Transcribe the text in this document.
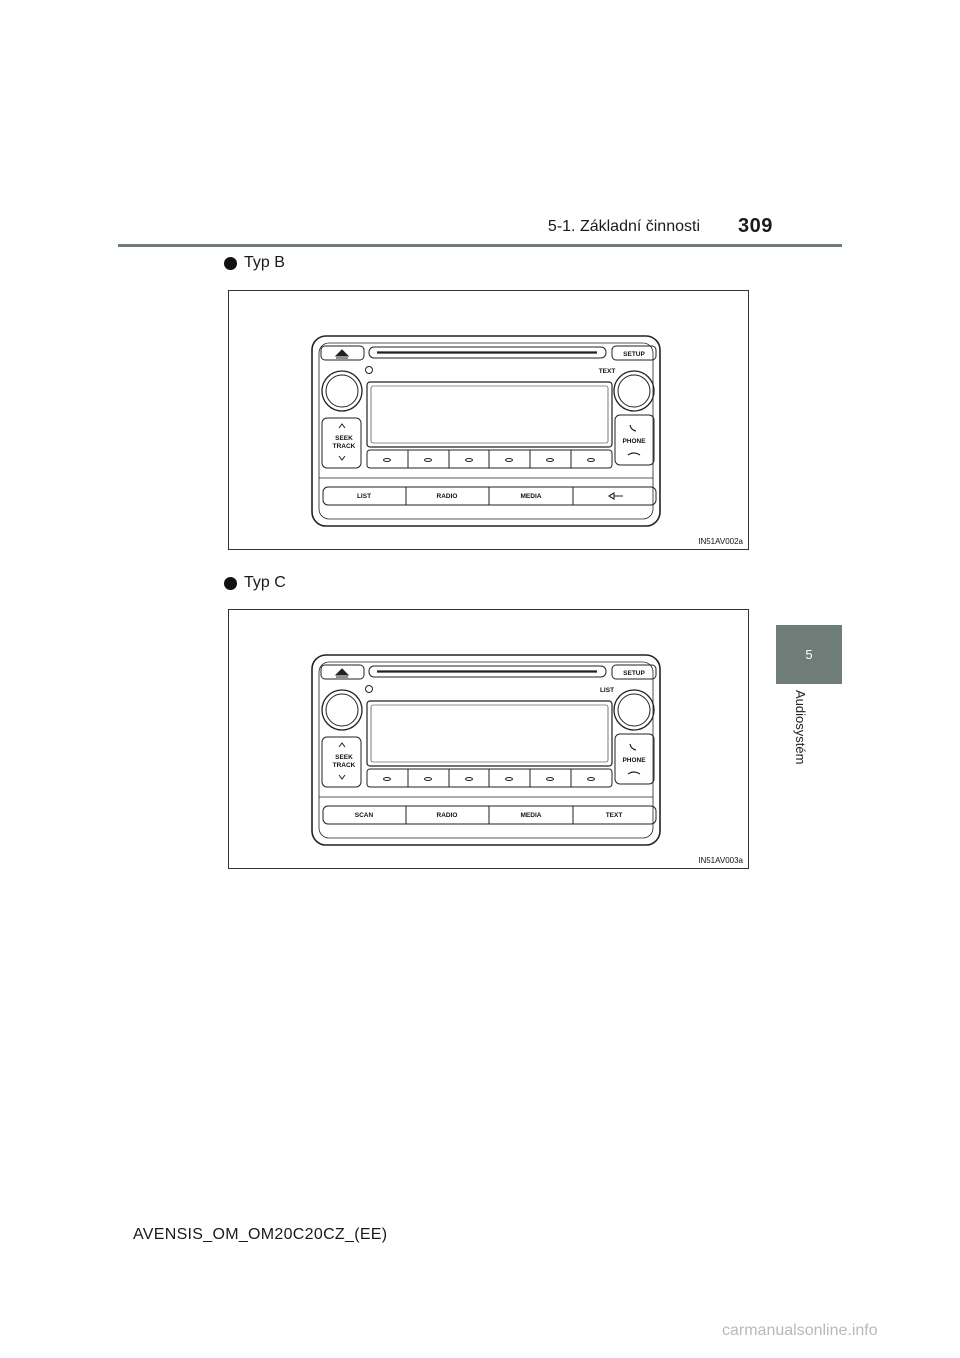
5-1. Základní činnosti 309
5
Audiosystém
Typ B
SETUP
TEXT
SEEK
TRACK
PHONE
LIST	RADIO	MEDIA
IN51AV002a
Typ C
SETUP
LIST
SEEK
TRACK
PHONE
SCAN	RADIO	MEDIA	TEXT
IN51AV003a
AVENSIS_OM_OM20C20CZ_(EE)
carmanualsonline.info
